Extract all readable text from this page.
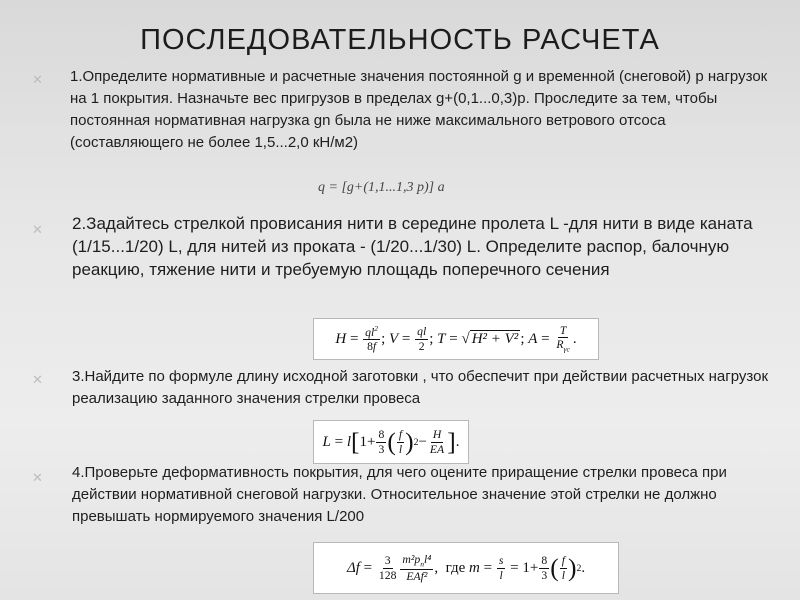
ПОСЛЕДОВАТЕЛЬНОСТЬ РАСЧЕТА
✕ 1.Определите нормативные и расчетные значения постоянной g и временной (снеговой) р нагрузок на 1 покрытия. Назначьте вес пригрузов в пределах g+(0,1...0,3)р. Проследите за тем, чтобы постоянная нормативная нагрузка gn была не ниже максимального ветрового отсоса (составляющего не более 1,5...2,0 кН/м2)
q = [g+(1,1...1,3 p)] a
✕ 2.Задайтесь стрелкой провисания нити в середине пролета L -для нити в виде каната (1/15...1/20) L, для нитей из проката - (1/20...1/30) L. Определите распор, балочную реакцию, тяжение нити и требуемую площадь поперечного сечения
H
=
$\frac{ql^2}{8f}$ ;
V
=
$\frac{ql}{2}$ ;
T
= √ H² + V² ;
A
=
$\frac{T}{R_{\gamma c}}$ .
✕ 3.Найдите по формуле длину исходной заготовки , что обеспечит при действии расчетных нагрузок реализацию заданного значения стрелки провеса
L
=
l [ $1 + \frac{8}{3}$ ( $\frac{f}{l}$ ) $2 - \frac{H}{EA}$ ] .
✕ 4.Проверьте деформативность покрытия, для чего оцените приращение стрелки провеса при действии нормативной снеговой нагрузки. Относительное значение этой стрелки не должно превышать нормируемого значения L/200
Δf
=
$\frac{3}{128} \frac{m^2p_nl^4}{\text{EAf²}}$ ,
где
m
=
$\frac{s}{l}$
=
$1 + \frac{8}{3}$ ( $\frac{f}{l}$ ) 2 .
